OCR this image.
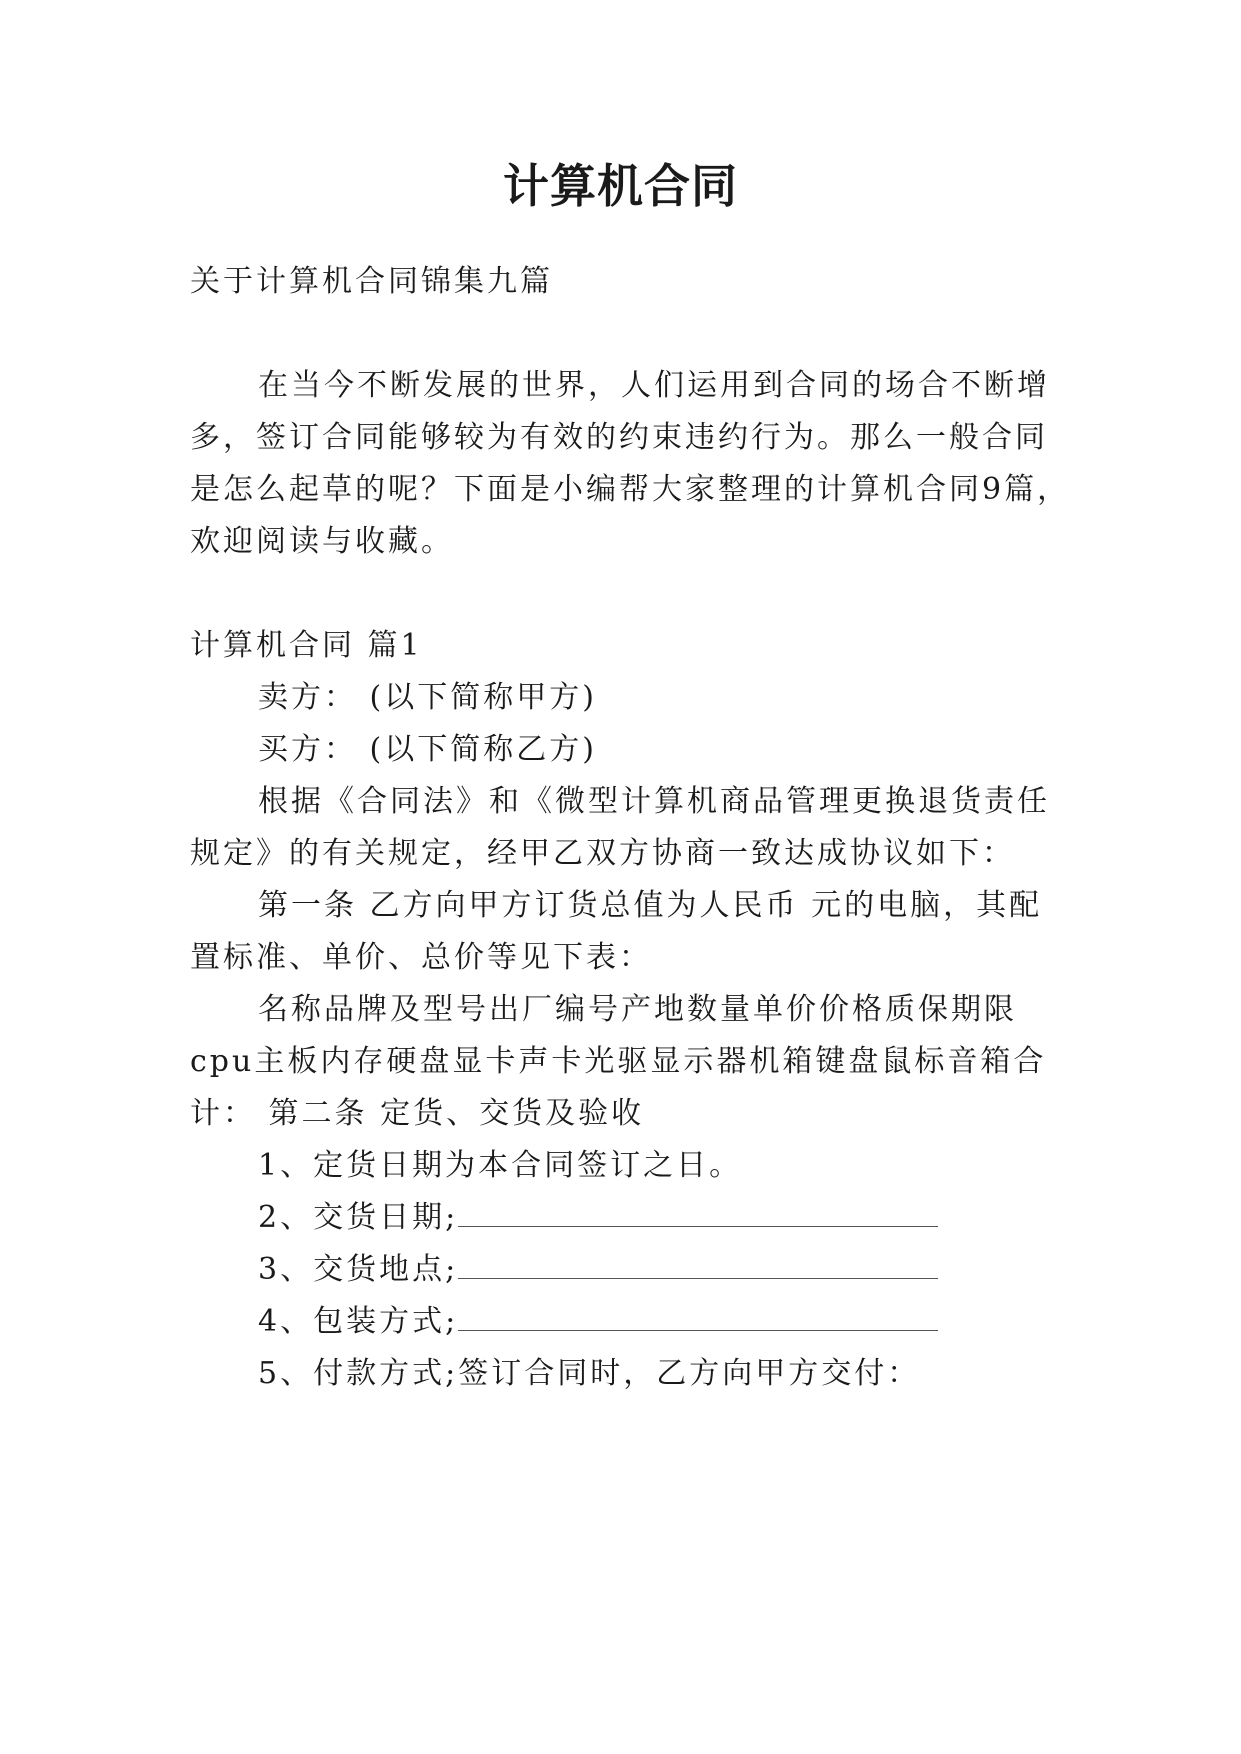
计算机合同
关于计算机合同锦集九篇
在当今不断发展的世界，人们运用到合同的场合不断增
多，签订合同能够较为有效的约束违约行为。那么一般合同
是怎么起草的呢？下面是小编帮大家整理的计算机合同9篇，
欢迎阅读与收藏。
计算机合同 篇1
卖方： (以下简称甲方)
买方： (以下简称乙方)
根据《合同法》和《微型计算机商品管理更换退货责任
规定》的有关规定，经甲乙双方协商一致达成协议如下：
第一条 乙方向甲方订货总值为人民币 元的电脑，其配
置标准、单价、总价等见下表：
名称品牌及型号出厂编号产地数量单价价格质保期限
cpu主板内存硬盘显卡声卡光驱显示器机箱键盘鼠标音箱合
计： 第二条 定货、交货及验收
1、定货日期为本合同签订之日。
2、交货日期;
3、交货地点;
4、包装方式;
5、付款方式;签订合同时，乙方向甲方交付：
